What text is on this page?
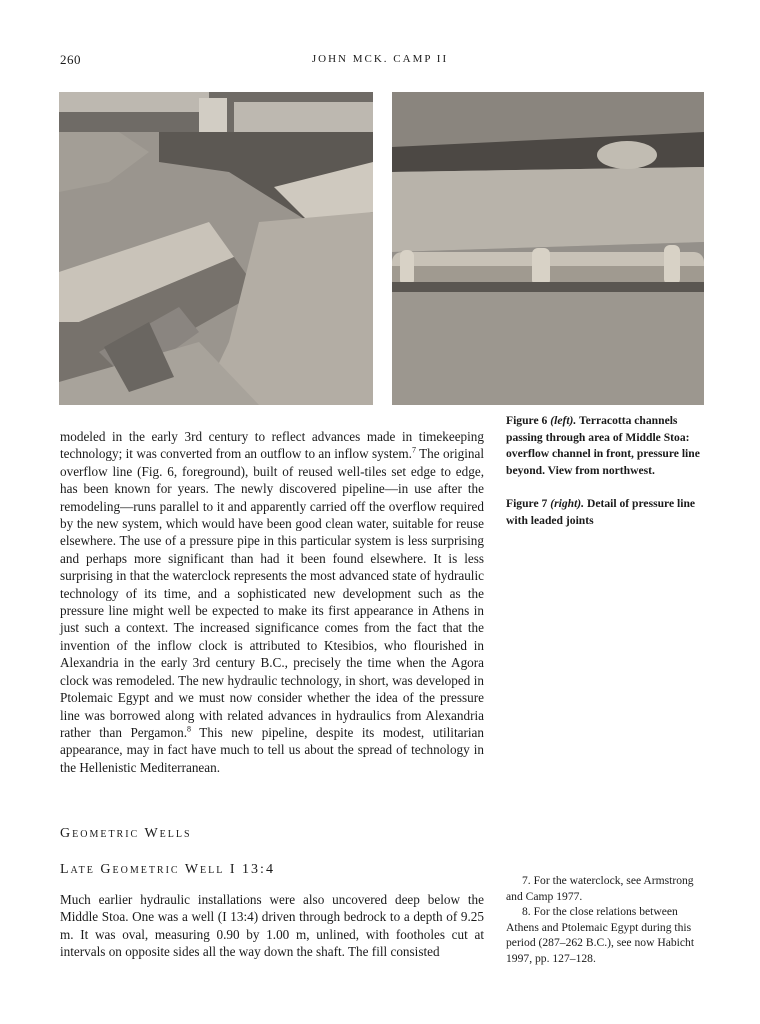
260	JOHN MCK. CAMP II
Figure 6 (left). Terracotta channels passing through area of Middle Stoa: overflow channel in front, pressure line beyond. View from northwest.
Figure 7 (right). Detail of pressure line with leaded joints

modeled in the early 3rd century to reflect advances made in timekeeping technology; it was converted from an outflow to an inflow system.$^7$ The original overflow line (Fig. 6, foreground), built of reused well-tiles set edge to edge, has been known for years. The newly discovered pipeline—in use after the remodeling—runs parallel to it and apparently carried off the overflow required by the new system, which would have been good clean water, suitable for reuse elsewhere. The use of a pressure pipe in this particular system is less surprising and perhaps more significant than had it been found elsewhere. It is less surprising in that the waterclock represents the most advanced state of hydraulic technology of its time, and a sophisticated new development such as the pressure line might well be expected to make its first appearance in Athens in just such a context. The increased significance comes from the fact that the invention of the inflow clock is attributed to Ktesibios, who flourished in Alexandria in the early 3rd century B.C., precisely the time when the Agora clock was remodeled. The new hydraulic technology, in short, was developed in Ptolemaic Egypt and we must now consider whether the idea of the pressure line was borrowed along with related advances in hydraulics from Alexandria rather than Pergamon.$^8$ This new pipeline, despite its modest, utilitarian appearance, may in fact have much to tell us about the spread of technology in the Hellenistic Mediterranean.

Geometric Wells
Late Geometric Well I 13:4

Much earlier hydraulic installations were also uncovered deep below the Middle Stoa. One was a well (I 13:4) driven through bedrock to a depth of 9.25 m. It was oval, measuring 0.90 by 1.00 m, unlined, with footholes cut at intervals on opposite sides all the way down the shaft. The fill consisted

7. For the waterclock, see Armstrong and Camp 1977.

8. For the close relations between Athens and Ptolemaic Egypt during this period (287–262 B.C.), see now Habicht 1997, pp. 127–128.
